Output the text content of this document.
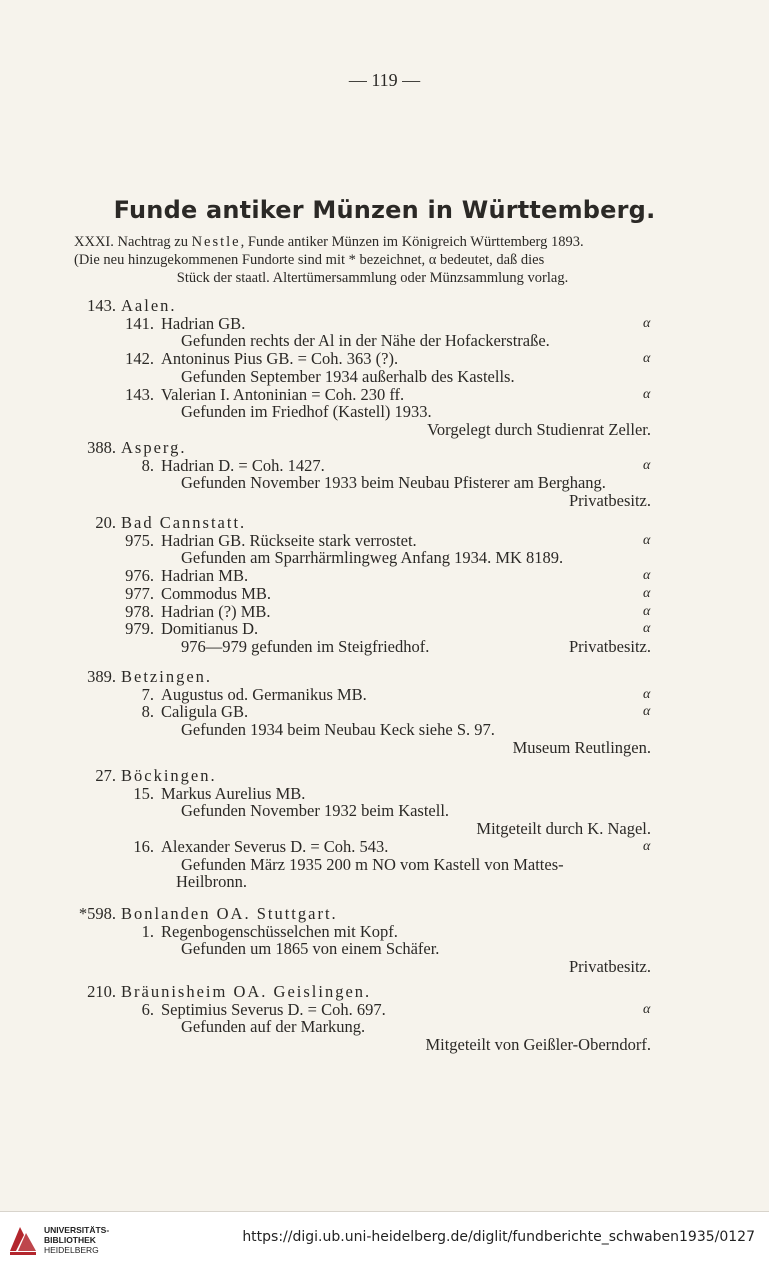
— 119 —
Funde antiker Münzen in Württemberg.
XXXI. Nachtrag zu Nestle, Funde antiker Münzen im Königreich Württemberg 1893.
(Die neu hinzugekommenen Fundorte sind mit * bezeichnet, α bedeutet, daß dies
Stück der staatl. Altertümersammlung oder Münzsammlung vorlag.
143. Aalen.
141. Hadrian GB.	α
Gefunden rechts der Al in der Nähe der Hofackerstraße.
142. Antoninus Pius GB. = Coh. 363 (?).	α
Gefunden September 1934 außerhalb des Kastells.
143. Valerian I. Antoninian = Coh. 230 ff.	α
Gefunden im Friedhof (Kastell) 1933.
Vorgelegt durch Studienrat Zeller.
388. Asperg.
8. Hadrian D. = Coh. 1427.	α
Gefunden November 1933 beim Neubau Pfisterer am Berghang.
Privatbesitz.
20. Bad Cannstatt.
975. Hadrian GB. Rückseite stark verrostet.	α
Gefunden am Sparrhärmlingweg Anfang 1934. MK 8189.
976. Hadrian MB.	α
977. Commodus MB.	α
978. Hadrian (?) MB.	α
979. Domitianus D.	α
976—979 gefunden im Steigfriedhof.	Privatbesitz.
389. Betzingen.
7. Augustus od. Germanikus MB.	α
8. Caligula GB.	α
Gefunden 1934 beim Neubau Keck siehe S. 97.
Museum Reutlingen.
27. Böckingen.
15. Markus Aurelius MB.
Gefunden November 1932 beim Kastell.
Mitgeteilt durch K. Nagel.
16. Alexander Severus D. = Coh. 543.	α
Gefunden März 1935 200 m NO vom Kastell von Mattes-
Heilbronn.
*598. Bonlanden OA. Stuttgart.
1. Regenbogenschüsselchen mit Kopf.
Gefunden um 1865 von einem Schäfer.
Privatbesitz.
210. Bräunisheim OA. Geislingen.
6. Septimius Severus D. = Coh. 697.	α
Gefunden auf der Markung.
Mitgeteilt von Geißler-Oberndorf.
UNIVERSITÄTS-
BIBLIOTHEK
HEIDELBERG
https://digi.ub.uni-heidelberg.de/diglit/fundberichte_schwaben1935/0127
